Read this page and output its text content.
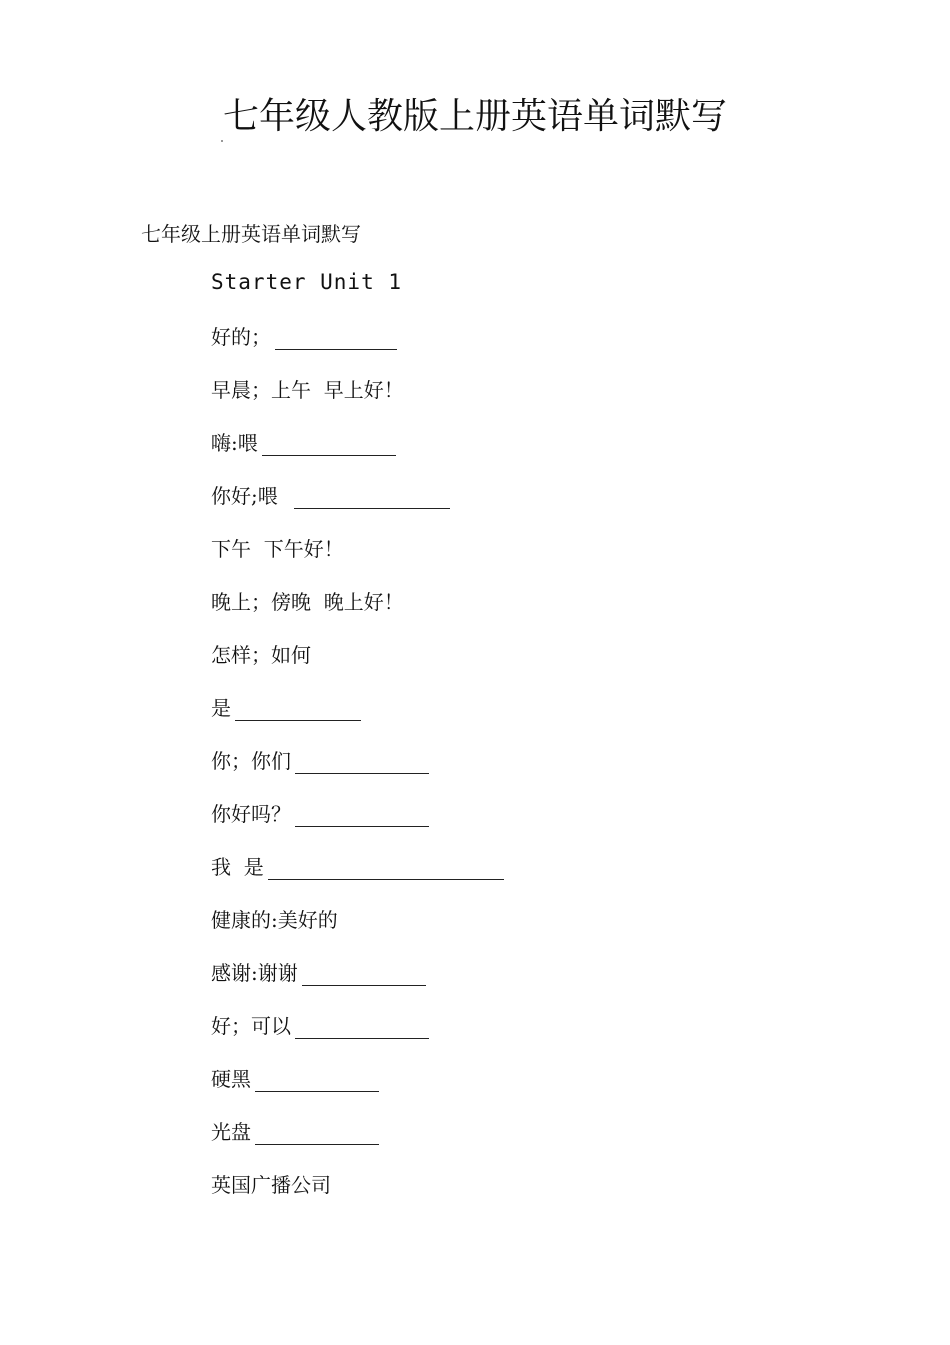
七年级人教版上册英语单词默写
七年级上册英语单词默写
Starter Unit 1
好的；
早晨；上午  早上好！
嗨:喂
你好;喂
下午  下午好！
晚上；傍晚  晚上好！
怎样；如何
是
你；你们
你好吗？
我  是
健康的:美好的
感谢:谢谢
好；可以
硬黑
光盘
英国广播公司
